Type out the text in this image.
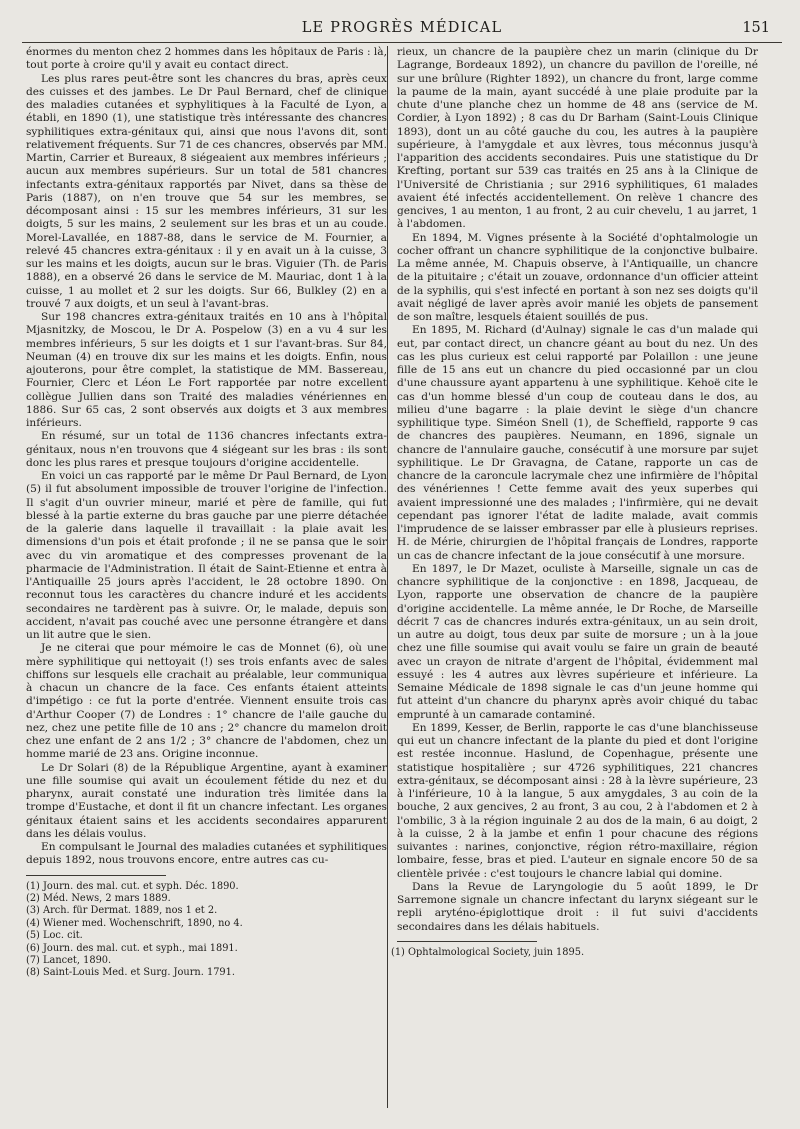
LE PROGRÈS MÉDICAL	151

énormes du menton chez 2 hommes dans les hôpitaux de Paris : là, tout porte à croire qu'il y avait eu contact direct.

Les plus rares peut-être sont les chancres du bras, après ceux des cuisses et des jambes. Le Dr Paul Bernard, chef de clinique des maladies cutanées et syphylitiques à la Faculté de Lyon, a établi, en 1890 (1), une statistique très intéressante des chancres syphilitiques extra-génitaux qui, ainsi que nous l'avons dit, sont relativement fréquents. Sur 71 de ces chancres, observés par MM. Martin, Carrier et Bureaux, 8 siégeaient aux membres inférieurs ; aucun aux membres supérieurs. Sur un total de 581 chancres infectants extra-génitaux rapportés par Nivet, dans sa thèse de Paris (1887), on n'en trouve que 54 sur les membres, se décomposant ainsi : 15 sur les membres inférieurs, 31 sur les doigts, 5 sur les mains, 2 seulement sur les bras et un au coude. Morel-Lavallée, en 1887-88, dans le service de M. Fournier, a relevé 45 chancres extra-génitaux : il y en avait un à la cuisse, 3 sur les mains et les doigts, aucun sur le bras. Viguier (Th. de Paris 1888), en a observé 26 dans le service de M. Mauriac, dont 1 à la cuisse, 1 au mollet et 2 sur les doigts. Sur 66, Bulkley (2) en a trouvé 7 aux doigts, et un seul à l'avant-bras.

Sur 198 chancres extra-génitaux traités en 10 ans à l'hôpital Mjasnitzky, de Moscou, le Dr A. Pospelow (3) en a vu 4 sur les membres inférieurs, 5 sur les doigts et 1 sur l'avant-bras. Sur 84, Neuman (4) en trouve dix sur les mains et les doigts. Enfin, nous ajouterons, pour être complet, la statistique de MM. Bassereau, Fournier, Clerc et Léon Le Fort rapportée par notre excellent collègue Jullien dans son Traité des maladies vénériennes en 1886. Sur 65 cas, 2 sont observés aux doigts et 3 aux membres inférieurs.

En résumé, sur un total de 1136 chancres infectants extra-génitaux, nous n'en trouvons que 4 siégeant sur les bras : ils sont donc les plus rares et presque toujours d'origine accidentelle.

En voici un cas rapporté par le même Dr Paul Bernard, de Lyon (5) il fut absolument impossible de trouver l'origine de l'infection. Il s'agit d'un ouvrier mineur, marié et père de famille, qui fut blessé à la partie externe du bras gauche par une pierre détachée de la galerie dans laquelle il travaillait : la plaie avait les dimensions d'un pois et était profonde ; il ne se pansa que le soir avec du vin aromatique et des compresses provenant de la pharmacie de l'Administration. Il était de Saint-Etienne et entra à l'Antiquaille 25 jours après l'accident, le 28 octobre 1890. On reconnut tous les caractères du chancre induré et les accidents secondaires ne tardèrent pas à suivre. Or, le malade, depuis son accident, n'avait pas couché avec une personne étrangère et dans un lit autre que le sien.

Je ne citerai que pour mémoire le cas de Monnet (6), où une mère syphilitique qui nettoyait (!) ses trois enfants avec de sales chiffons sur lesquels elle crachait au préalable, leur communiqua à chacun un chancre de la face. Ces enfants étaient atteints d'impétigo : ce fut la porte d'entrée. Viennent ensuite trois cas d'Arthur Cooper (7) de Londres : 1° chancre de l'aile gauche du nez, chez une petite fille de 10 ans ; 2° chancre du mamelon droit chez une enfant de 2 ans 1/2 ; 3° chancre de l'abdomen, chez un homme marié de 23 ans. Origine inconnue.

Le Dr Solari (8) de la République Argentine, ayant à examiner une fille soumise qui avait un écoulement fétide du nez et du pharynx, aurait constaté une induration très limitée dans la trompe d'Eustache, et dont il fit un chancre infectant. Les organes génitaux étaient sains et les accidents secondaires apparurent dans les délais voulus.

En compulsant le Journal des maladies cutanées et syphilitiques depuis 1892, nous trouvons encore, entre autres cas cu-

(1) Journ. des mal. cut. et syph. Déc. 1890.

(2) Méd. News, 2 mars 1889.

(3) Arch. für Dermat. 1889, nos 1 et 2.

(4) Wiener med. Wochenschrift, 1890, no 4.

(5) Loc. cit.

(6) Journ. des mal. cut. et syph., mai 1891.

(7) Lancet, 1890.

(8) Saint-Louis Med. et Surg. Journ. 1791.

rieux, un chancre de la paupière chez un marin (clinique du Dr Lagrange, Bordeaux 1892), un chancre du pavillon de l'oreille, né sur une brûlure (Righter 1892), un chancre du front, large comme la paume de la main, ayant succédé à une plaie produite par la chute d'une planche chez un homme de 48 ans (service de M. Cordier, à Lyon 1892) ; 8 cas du Dr Barham (Saint-Louis Clinique 1893), dont un au côté gauche du cou, les autres à la paupière supérieure, à l'amygdale et aux lèvres, tous méconnus jusqu'à l'apparition des accidents secondaires. Puis une statistique du Dr Krefting, portant sur 539 cas traités en 25 ans à la Clinique de l'Université de Christiania ; sur 2916 syphilitiques, 61 malades avaient été infectés accidentellement. On relève 1 chancre des gencives, 1 au menton, 1 au front, 2 au cuir chevelu, 1 au jarret, 1 à l'abdomen.

En 1894, M. Vignes présente à la Société d'ophtalmologie un cocher offrant un chancre syphilitique de la conjonctive bulbaire. La même année, M. Chapuis observe, à l'Antiquaille, un chancre de la pituitaire ; c'était un zouave, ordonnance d'un officier atteint de la syphilis, qui s'est infecté en portant à son nez ses doigts qu'il avait négligé de laver après avoir manié les objets de pansement de son maître, lesquels étaient souillés de pus.

En 1895, M. Richard (d'Aulnay) signale le cas d'un malade qui eut, par contact direct, un chancre géant au bout du nez. Un des cas les plus curieux est celui rapporté par Polaillon : une jeune fille de 15 ans eut un chancre du pied occasionné par un clou d'une chaussure ayant appartenu à une syphilitique. Kehoë cite le cas d'un homme blessé d'un coup de couteau dans le dos, au milieu d'une bagarre : la plaie devint le siège d'un chancre syphilitique type. Siméon Snell (1), de Scheffield, rapporte 9 cas de chancres des paupières. Neumann, en 1896, signale un chancre de l'annulaire gauche, consécutif à une morsure par sujet syphilitique. Le Dr Gravagna, de Catane, rapporte un cas de chancre de la caroncule lacrymale chez une infirmière de l'hôpital des vénériennes ! Cette femme avait des yeux superbes qui avaient impressionné une des malades ; l'infirmière, qui ne devait cependant pas ignorer l'état de ladite malade, avait commis l'imprudence de se laisser embrasser par elle à plusieurs reprises. H. de Mérie, chirurgien de l'hôpital français de Londres, rapporte un cas de chancre infectant de la joue consécutif à une morsure.

En 1897, le Dr Mazet, oculiste à Marseille, signale un cas de chancre syphilitique de la conjonctive : en 1898, Jacqueau, de Lyon, rapporte une observation de chancre de la paupière d'origine accidentelle. La même année, le Dr Roche, de Marseille décrit 7 cas de chancres indurés extra-génitaux, un au sein droit, un autre au doigt, tous deux par suite de morsure ; un à la joue chez une fille soumise qui avait voulu se faire un grain de beauté avec un crayon de nitrate d'argent de l'hôpital, évidemment mal essuyé : les 4 autres aux lèvres supérieure et inférieure. La Semaine Médicale de 1898 signale le cas d'un jeune homme qui fut atteint d'un chancre du pharynx après avoir chiqué du tabac emprunté à un camarade contaminé.

En 1899, Kesser, de Berlin, rapporte le cas d'une blanchisseuse qui eut un chancre infectant de la plante du pied et dont l'origine est restée inconnue. Haslund, de Copenhague, présente une statistique hospitalière ; sur 4726 syphilitiques, 221 chancres extra-génitaux, se décomposant ainsi : 28 à la lèvre supérieure, 23 à l'inférieure, 10 à la langue, 5 aux amygdales, 3 au coin de la bouche, 2 aux gencives, 2 au front, 3 au cou, 2 à l'abdomen et 2 à l'ombilic, 3 à la région inguinale 2 au dos de la main, 6 au doigt, 2 à la cuisse, 2 à la jambe et enfin 1 pour chacune des régions suivantes : narines, conjonctive, région rétro-maxillaire, région lombaire, fesse, bras et pied. L'auteur en signale encore 50 de sa clientèle privée : c'est toujours le chancre labial qui domine.

Dans la Revue de Laryngologie du 5 août 1899, le Dr Sarremone signale un chancre infectant du larynx siégeant sur le repli aryténo-épiglottique droit : il fut suivi d'accidents secondaires dans les délais habituels.

(1) Ophtalmological Society, juin 1895.
